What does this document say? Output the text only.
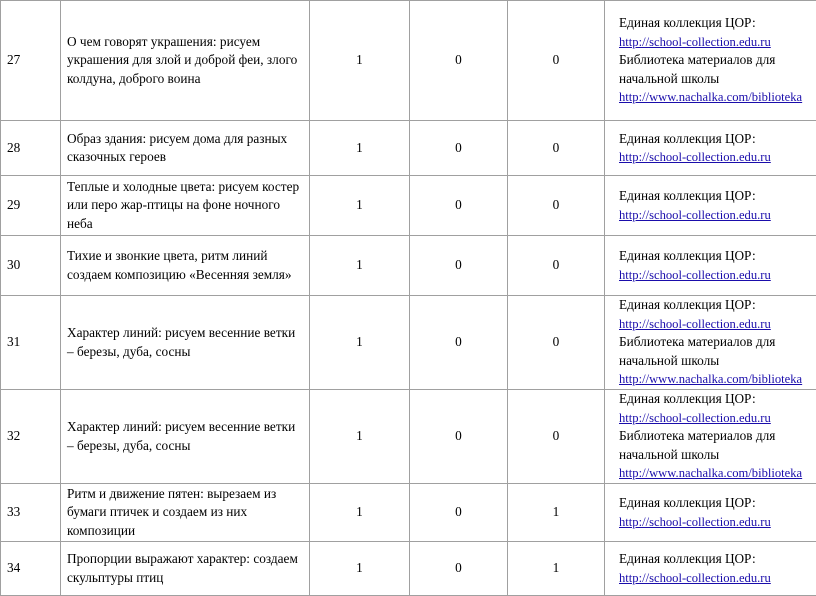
27	О чем говорят украшения: рисуем украшения для злой и доброй феи, злого колдуна, доброго воина	1	0	0	Единая коллекция ЦОР:
http://school-collection.edu.ru
Библиотека материалов для
начальной школы
http://www.nachalka.com/biblioteka

28	Образ здания: рисуем дома для разных сказочных героев	1	0	0	Единая коллекция ЦОР:
http://school-collection.edu.ru

29	Теплые и холодные цвета: рисуем костер или перо жар-птицы на фоне ночного неба	1	0	0	Единая коллекция ЦОР:
http://school-collection.edu.ru

30	Тихие и звонкие цвета, ритм линий создаем композицию «Весенняя земля»	1	0	0	Единая коллекция ЦОР:
http://school-collection.edu.ru

31	Характер линий: рисуем весенние ветки – березы, дуба, сосны	1	0	0	Единая коллекция ЦОР:
http://school-collection.edu.ru
Библиотека материалов для
начальной школы
http://www.nachalka.com/biblioteka

32	Характер линий: рисуем весенние ветки – березы, дуба, сосны	1	0	0	Единая коллекция ЦОР:
http://school-collection.edu.ru
Библиотека материалов для
начальной школы
http://www.nachalka.com/biblioteka

33	Ритм и движение пятен: вырезаем из бумаги птичек и создаем из них композиции	1	0	1	Единая коллекция ЦОР:
http://school-collection.edu.ru

34	Пропорции выражают характер: создаем скульптуры птиц	1	0	1	Единая коллекция ЦОР:
http://school-collection.edu.ru
